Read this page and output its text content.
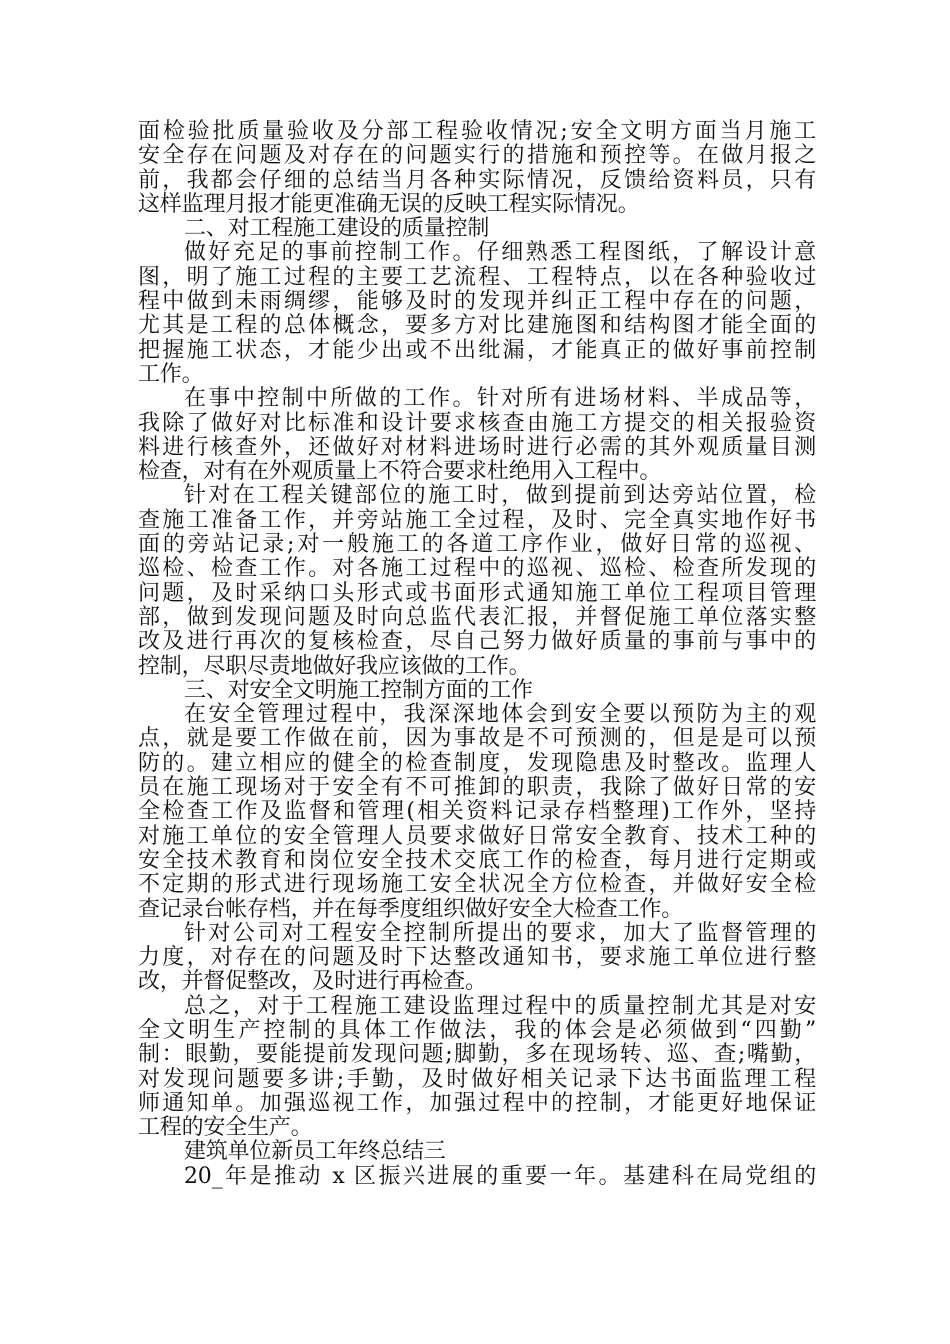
面检验批质量验收及分部工程验收情况;安全文明方面当月施工
安全存在问题及对存在的问题实行的措施和预控等。在做月报之
前，我都会仔细的总结当月各种实际情况，反馈给资料员，只有
这样监理月报才能更准确无误的反映工程实际情况。
二、对工程施工建设的质量控制
做好充足的事前控制工作。仔细熟悉工程图纸，了解设计意
图，明了施工过程的主要工艺流程、工程特点，以在各种验收过
程中做到未雨绸缪，能够及时的发现并纠正工程中存在的问题，
尤其是工程的总体概念，要多方对比建施图和结构图才能全面的
把握施工状态，才能少出或不出纰漏，才能真正的做好事前控制
工作。
在事中控制中所做的工作。针对所有进场材料、半成品等，
我除了做好对比标准和设计要求核查由施工方提交的相关报验资
料进行核查外，还做好对材料进场时进行必需的其外观质量目测
检查，对有在外观质量上不符合要求杜绝用入工程中。
针对在工程关键部位的施工时，做到提前到达旁站位置，检
查施工准备工作，并旁站施工全过程，及时、完全真实地作好书
面的旁站记录;对一般施工的各道工序作业，做好日常的巡视、
巡检、检查工作。对各施工过程中的巡视、巡检、检查所发现的
问题，及时采纳口头形式或书面形式通知施工单位工程项目管理
部，做到发现问题及时向总监代表汇报，并督促施工单位落实整
改及进行再次的复核检查，尽自己努力做好质量的事前与事中的
控制，尽职尽责地做好我应该做的工作。
三、对安全文明施工控制方面的工作
在安全管理过程中，我深深地体会到安全要以预防为主的观
点，就是要工作做在前，因为事故是不可预测的，但是是可以预
防的。建立相应的健全的检查制度，发现隐患及时整改。监理人
员在施工现场对于安全有不可推卸的职责，我除了做好日常的安
全检查工作及监督和管理(相关资料记录存档整理)工作外，坚持
对施工单位的安全管理人员要求做好日常安全教育、技术工种的
安全技术教育和岗位安全技术交底工作的检查，每月进行定期或
不定期的形式进行现场施工安全状况全方位检查，并做好安全检
查记录台帐存档，并在每季度组织做好安全大检查工作。
针对公司对工程安全控制所提出的要求，加大了监督管理的
力度，对存在的问题及时下达整改通知书，要求施工单位进行整
改，并督促整改，及时进行再检查。
总之，对于工程施工建设监理过程中的质量控制尤其是对安
全文明生产控制的具体工作做法，我的体会是必须做到“四勤”
制：眼勤，要能提前发现问题;脚勤，多在现场转、巡、查;嘴勤，
对发现问题要多讲;手勤，及时做好相关记录下达书面监理工程
师通知单。加强巡视工作，加强过程中的控制，才能更好地保证
工程的安全生产。
建筑单位新员工年终总结三
20_年是推动 x 区振兴进展的重要一年。基建科在局党组的
